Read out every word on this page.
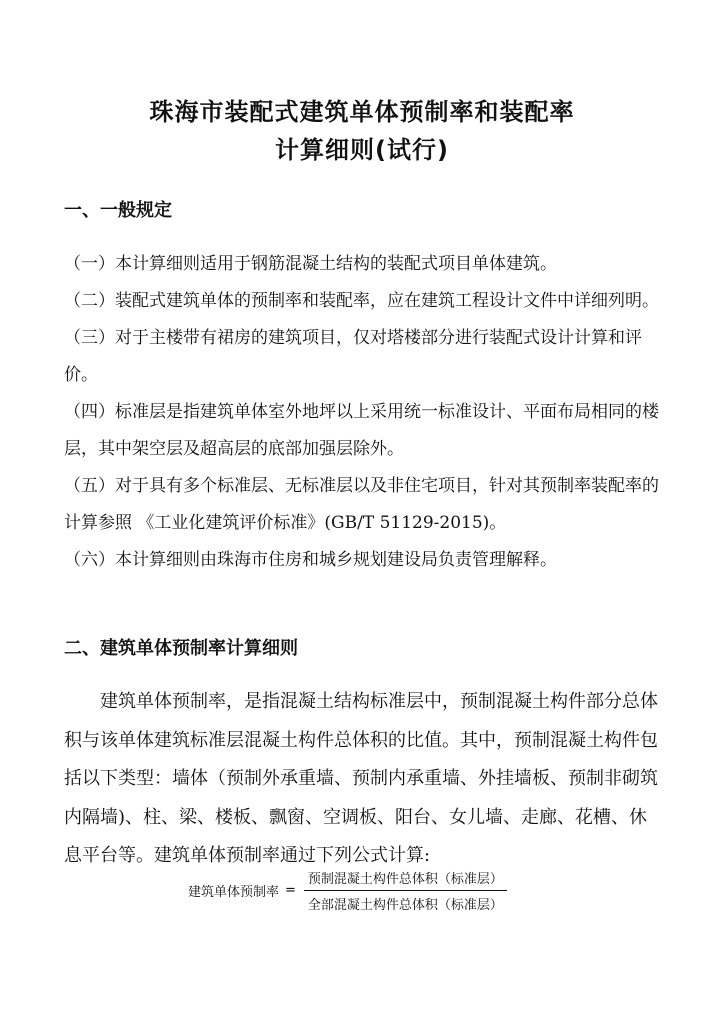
珠海市装配式建筑单体预制率和装配率
计算细则(试行)
一、一般规定

（一）本计算细则适用于钢筋混凝土结构的装配式项目单体建筑。

（二）装配式建筑单体的预制率和装配率，应在建筑工程设计文件中详细列明。

（三）对于主楼带有裙房的建筑项目，仅对塔楼部分进行装配式设计计算和评价。

（四）标准层是指建筑单体室外地坪以上采用统一标准设计、平面布局相同的楼层，其中架空层及超高层的底部加强层除外。

（五）对于具有多个标准层、无标准层以及非住宅项目，针对其预制率装配率的计算参照 《工业化建筑评价标准》(GB/T 51129-2015)。

（六）本计算细则由珠海市住房和城乡规划建设局负责管理解释。

二、建筑单体预制率计算细则

建筑单体预制率，是指混凝土结构标准层中，预制混凝土构件部分总体积与该单体建筑标准层混凝土构件总体积的比值。其中，预制混凝土构件包括以下类型：墙体（预制外承重墙、预制内承重墙、外挂墙板、预制非砌筑内隔墙)、柱、梁、楼板、飘窗、空调板、阳台、女儿墙、走廊、花槽、休息平台等。建筑单体预制率通过下列公式计算:

建筑单体预制率 = $\frac{\text{预制混凝土构件总体积（标准层）}}{\text{全部混凝土构件总体积（标准层）}}$
